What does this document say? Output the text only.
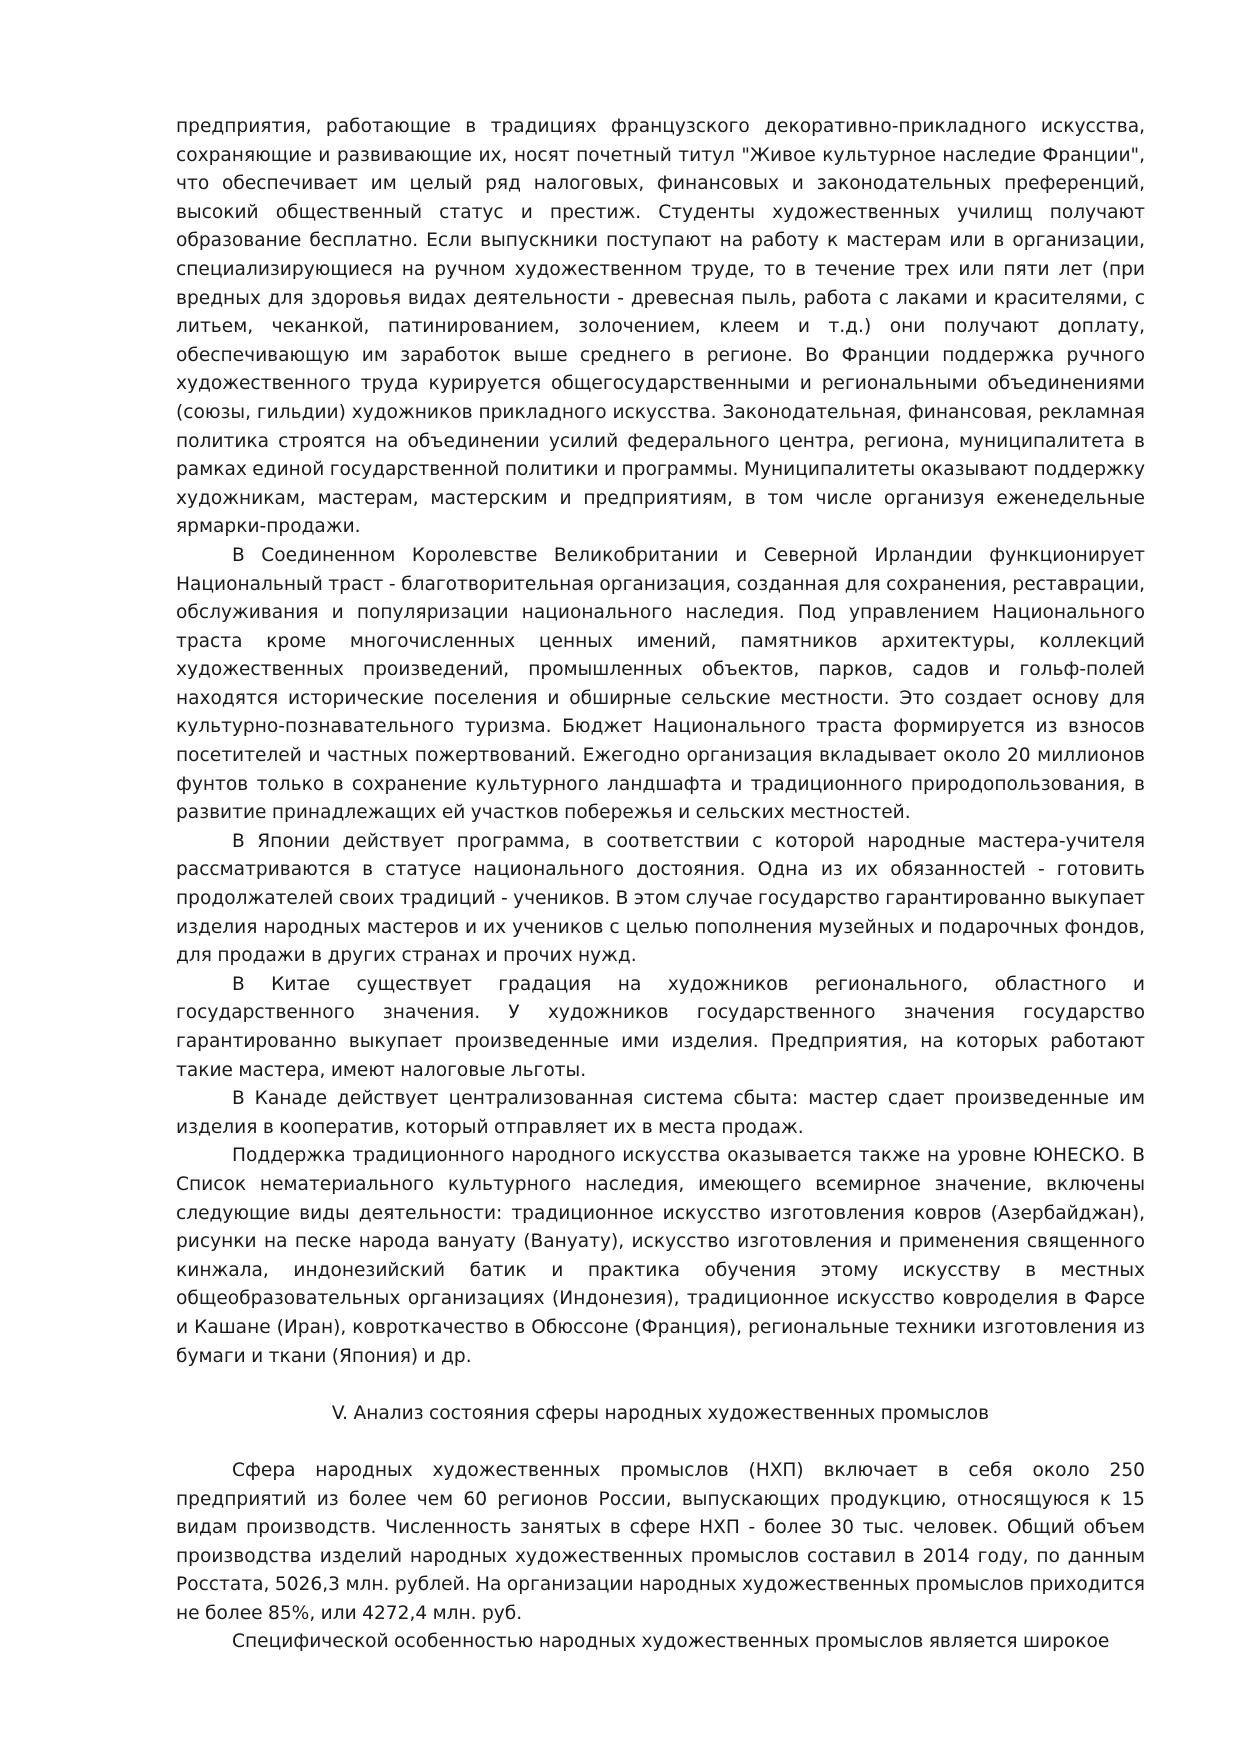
предприятия, работающие в традициях французского декоративно-прикладного искусства, сохраняющие и развивающие их, носят почетный титул "Живое культурное наследие Франции", что обеспечивает им целый ряд налоговых, финансовых и законодательных преференций, высокий общественный статус и престиж. Студенты художественных училищ получают образование бесплатно. Если выпускники поступают на работу к мастерам или в организации, специализирующиеся на ручном художественном труде, то в течение трех или пяти лет (при вредных для здоровья видах деятельности - древесная пыль, работа с лаками и красителями, с литьем, чеканкой, патинированием, золочением, клеем и т.д.) они получают доплату, обеспечивающую им заработок выше среднего в регионе. Во Франции поддержка ручного художественного труда курируется общегосударственными и региональными объединениями (союзы, гильдии) художников прикладного искусства. Законодательная, финансовая, рекламная политика строятся на объединении усилий федерального центра, региона, муниципалитета в рамках единой государственной политики и программы. Муниципалитеты оказывают поддержку художникам, мастерам, мастерским и предприятиям, в том числе организуя еженедельные ярмарки-продажи.

В Соединенном Королевстве Великобритании и Северной Ирландии функционирует Национальный траст - благотворительная организация, созданная для сохранения, реставрации, обслуживания и популяризации национального наследия. Под управлением Национального траста кроме многочисленных ценных имений, памятников архитектуры, коллекций художественных произведений, промышленных объектов, парков, садов и гольф-полей находятся исторические поселения и обширные сельские местности. Это создает основу для культурно-познавательного туризма. Бюджет Национального траста формируется из взносов посетителей и частных пожертвований. Ежегодно организация вкладывает около 20 миллионов фунтов только в сохранение культурного ландшафта и традиционного природопользования, в развитие принадлежащих ей участков побережья и сельских местностей.

В Японии действует программа, в соответствии с которой народные мастера-учителя рассматриваются в статусе национального достояния. Одна из их обязанностей - готовить продолжателей своих традиций - учеников. В этом случае государство гарантированно выкупает изделия народных мастеров и их учеников с целью пополнения музейных и подарочных фондов, для продажи в других странах и прочих нужд.

В Китае существует градация на художников регионального, областного и государственного значения. У художников государственного значения государство гарантированно выкупает произведенные ими изделия. Предприятия, на которых работают такие мастера, имеют налоговые льготы.

В Канаде действует централизованная система сбыта: мастер сдает произведенные им изделия в кооператив, который отправляет их в места продаж.

Поддержка традиционного народного искусства оказывается также на уровне ЮНЕСКО. В Список нематериального культурного наследия, имеющего всемирное значение, включены следующие виды деятельности: традиционное искусство изготовления ковров (Азербайджан), рисунки на песке народа вануату (Вануату), искусство изготовления и применения священного кинжала, индонезийский батик и практика обучения этому искусству в местных общеобразовательных организациях (Индонезия), традиционное искусство ковроделия в Фарсе и Кашане (Иран), ковроткачество в Обюссоне (Франция), региональные техники изготовления из бумаги и ткани (Япония) и др.

V. Анализ состояния сферы народных художественных промыслов

Сфера народных художественных промыслов (НХП) включает в себя около 250 предприятий из более чем 60 регионов России, выпускающих продукцию, относящуюся к 15 видам производств. Численность занятых в сфере НХП - более 30 тыс. человек. Общий объем производства изделий народных художественных промыслов составил в 2014 году, по данным Росстата, 5026,3 млн. рублей. На организации народных художественных промыслов приходится не более 85%, или 4272,4 млн. руб.

Специфической особенностью народных художественных промыслов является широкое
